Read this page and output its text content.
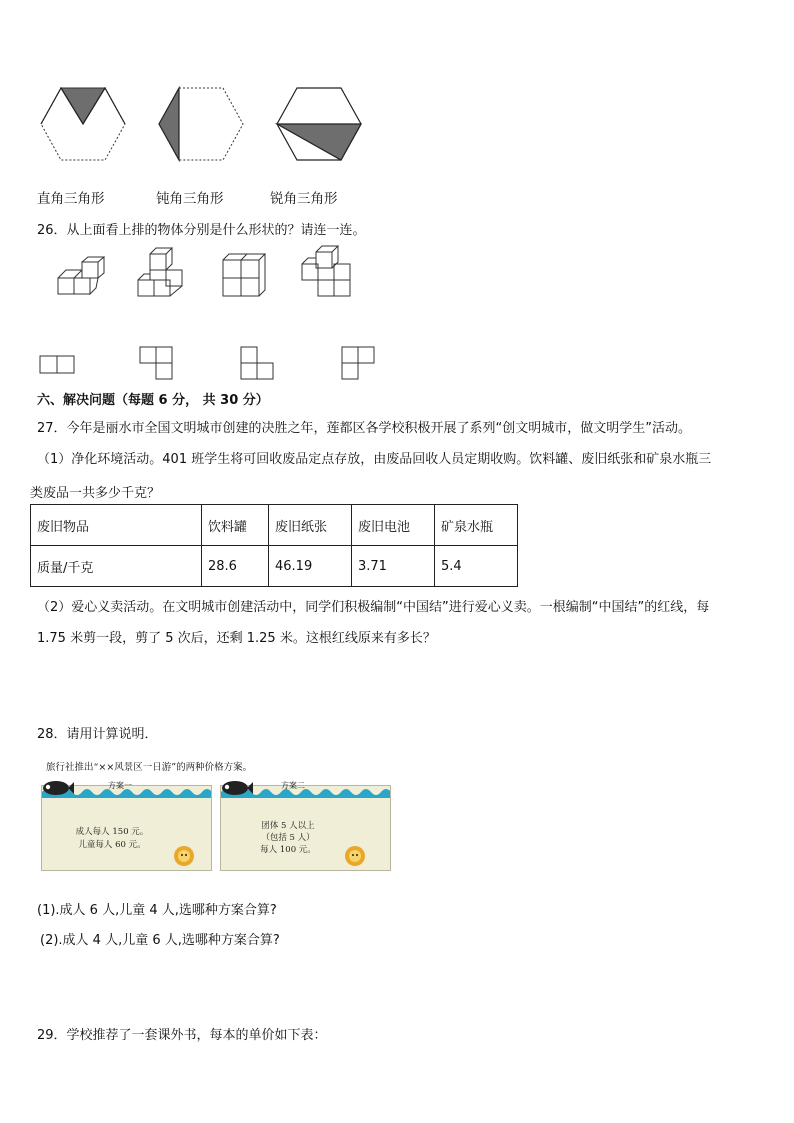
直角三角形	钝角三角形	锐角三角形
26．从上面看上排的物体分别是什么形状的？请连一连。
六、解决问题（每题 6 分， 共 30 分）
27．今年是丽水市全国文明城市创建的决胜之年，莲都区各学校积极开展了系列“创文明城市，做文明学生”活动。
（1）净化环境活动。401 班学生将可回收废品定点存放，由废品回收人员定期收购。饮料罐、废旧纸张和矿泉水瓶三
类废品一共多少千克？
废旧物品	饮料罐	废旧纸张	废旧电池	矿泉水瓶
质量/千克	28.6	46.19	3.71	5.4
（2）爱心义卖活动。在文明城市创建活动中，同学们积极编制“中国结”进行爱心义卖。一根编制“中国结”的红线，每
1.75 米剪一段，剪了 5 次后，还剩 1.25 米。这根红线原来有多长？
28．请用计算说明．
旅行社推出“××风景区一日游”的两种价格方案。
方案一
成人每人 150 元。
儿童每人 60 元。
方案二
团体 5 人以上
（包括 5 人）
每人 100 元。
(1).成人 6 人,儿童 4 人,选哪种方案合算?
(2).成人 4 人,儿童 6 人,选哪种方案合算?
29．学校推荐了一套课外书，每本的单价如下表：
